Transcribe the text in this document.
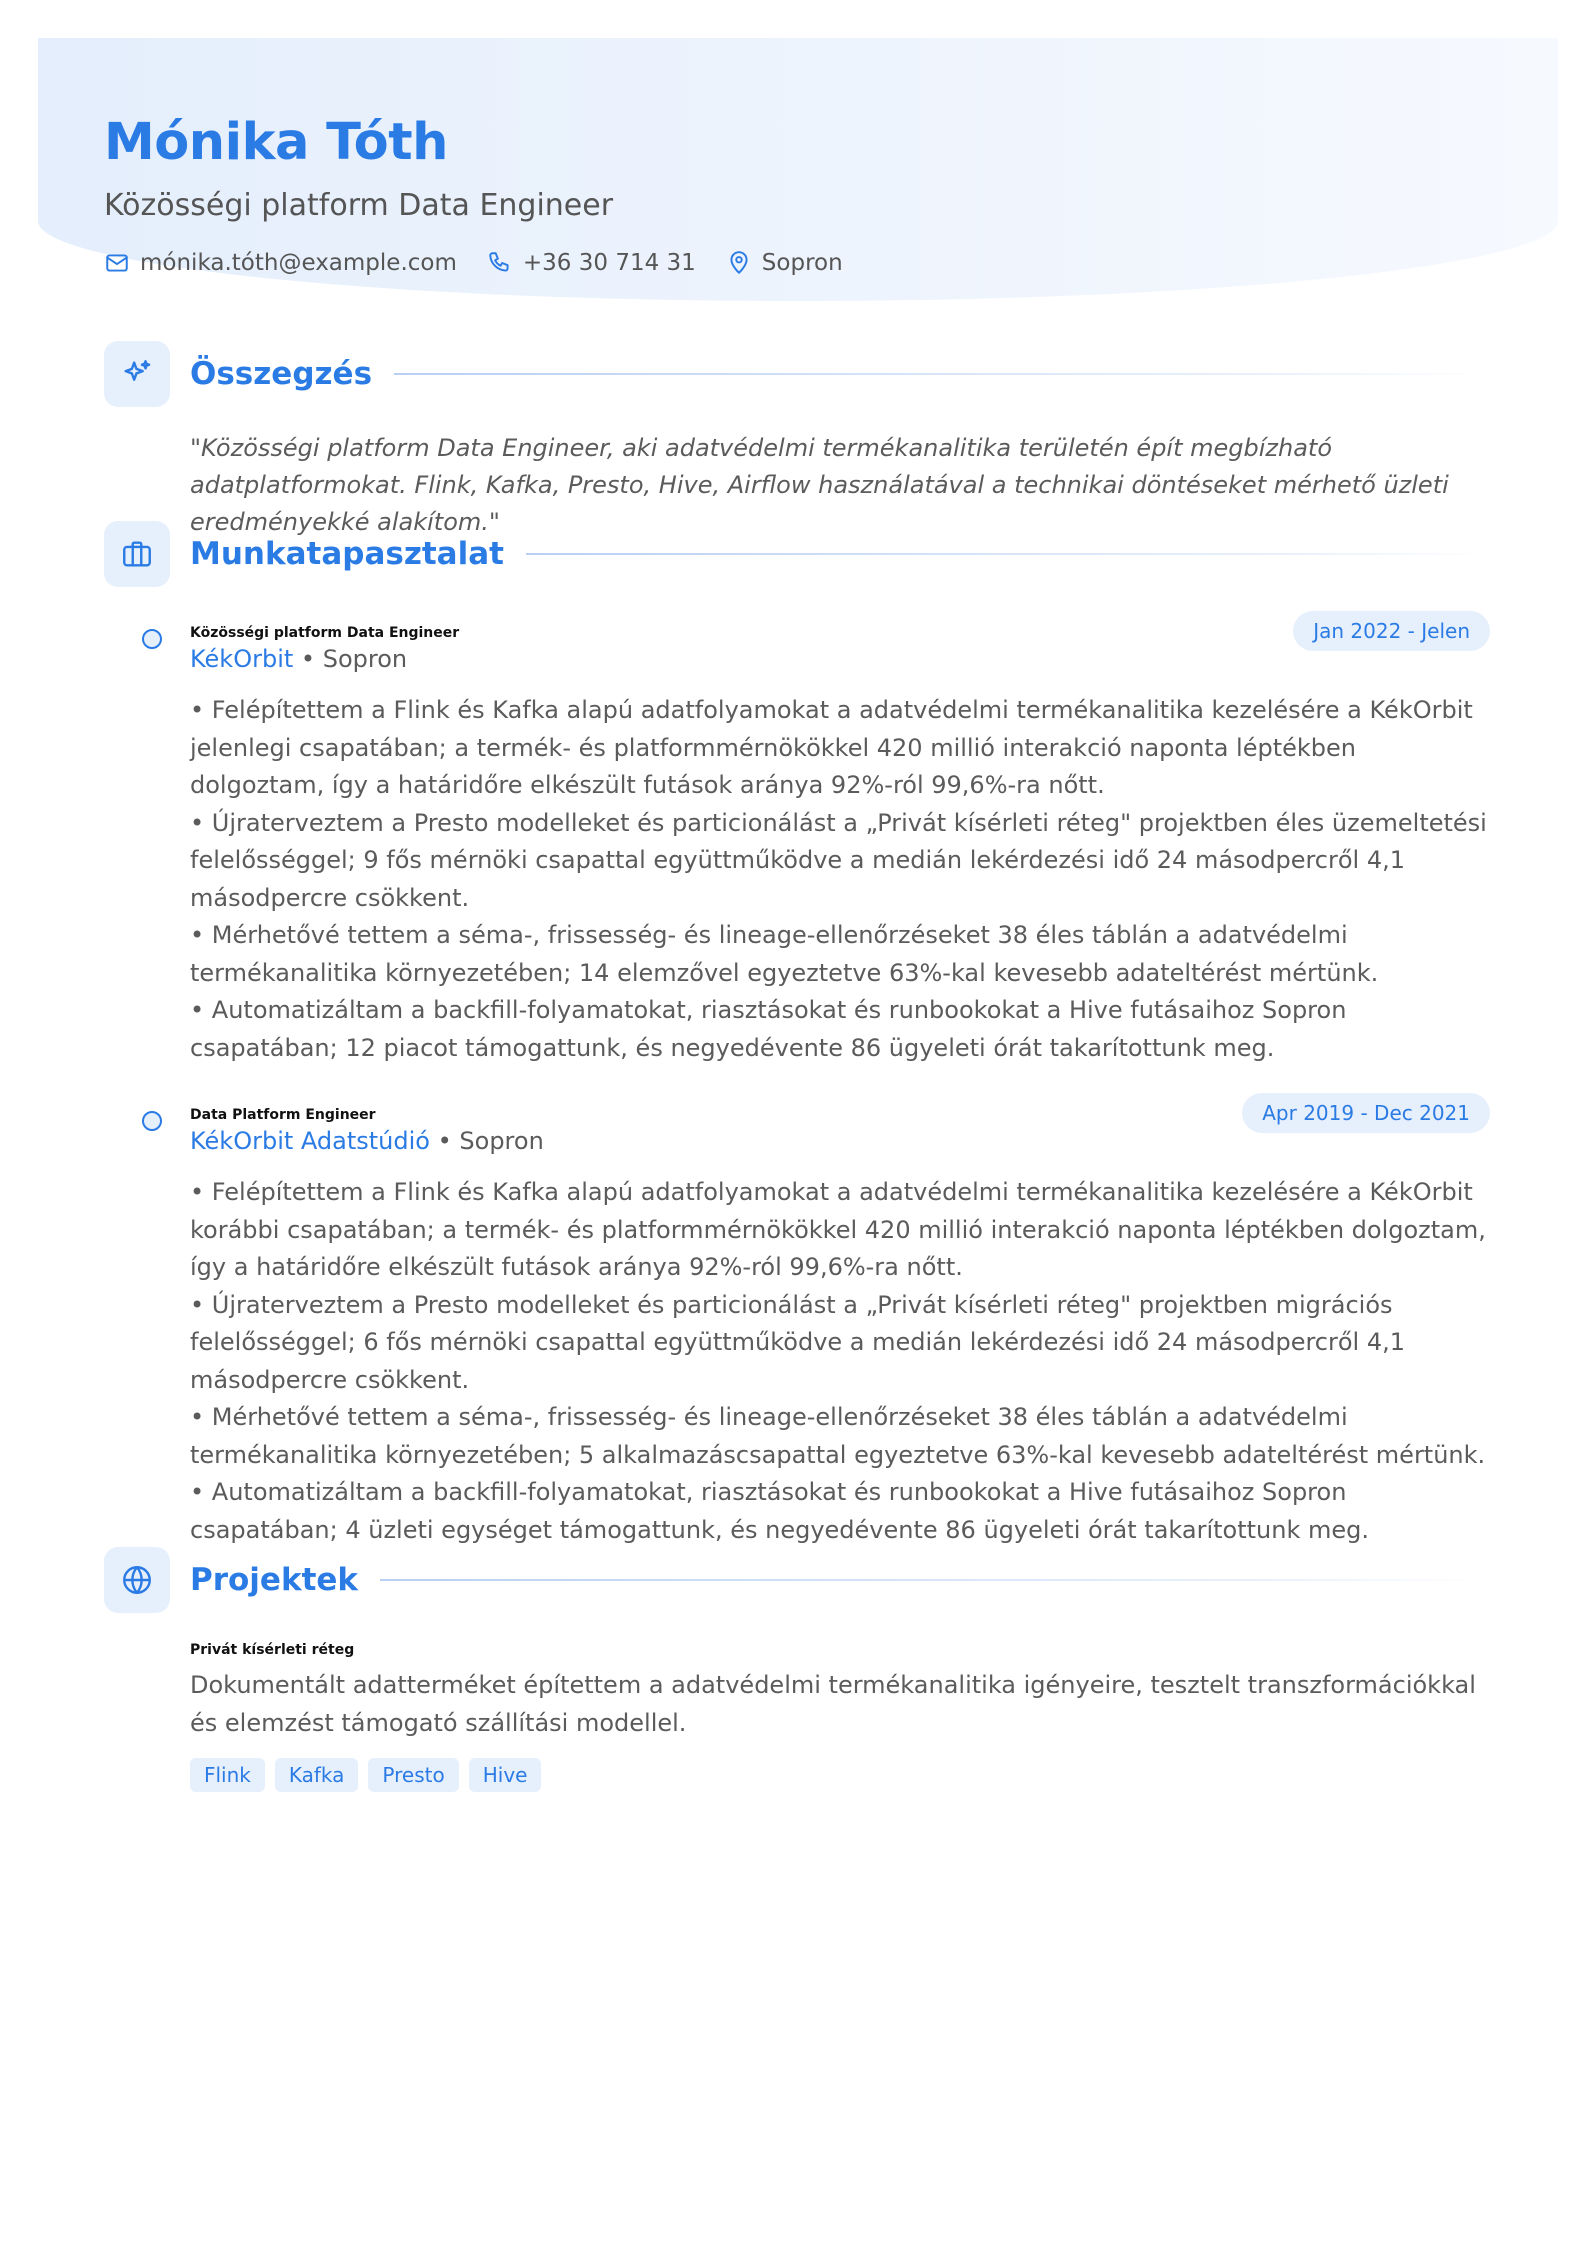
Mónika Tóth
Közösségi platform Data Engineer
mónika.tóth@example.com	+36 30 714 31	Sopron
Összegzés

"Közösségi platform Data Engineer, aki adatvédelmi termékanalitika területén épít megbízható adatplatformokat. Flink, Kafka, Presto, Hive, Airflow használatával a technikai döntéseket mérhető üzleti eredményekké alakítom."

Munkatapasztalat
Közösségi platform Data Engineer
KékOrbit • Sopron
Jan 2022 - Jelen
• Felépítettem a Flink és Kafka alapú adatfolyamokat a adatvédelmi termékanalitika kezelésére a KékOrbit jelenlegi csapatában; a termék- és platformmérnökökkel 420 millió interakció naponta léptékben dolgoztam, így a határidőre elkészült futások aránya 92%-ról 99,6%-ra nőtt.
• Újraterveztem a Presto modelleket és particionálást a „Privát kísérleti réteg" projektben éles üzemeltetési felelősséggel; 9 fős mérnöki csapattal együttműködve a medián lekérdezési idő 24 másodpercről 4,1 másodpercre csökkent.
• Mérhetővé tettem a séma-, frissesség- és lineage-ellenőrzéseket 38 éles táblán a adatvédelmi termékanalitika környezetében; 14 elemzővel egyeztetve 63%-kal kevesebb adateltérést mértünk.
• Automatizáltam a backfill-folyamatokat, riasztásokat és runbookokat a Hive futásaihoz Sopron csapatában; 12 piacot támogattunk, és negyedévente 86 ügyeleti órát takarítottunk meg.
Data Platform Engineer
KékOrbit Adatstúdió • Sopron
Apr 2019 - Dec 2021
• Felépítettem a Flink és Kafka alapú adatfolyamokat a adatvédelmi termékanalitika kezelésére a KékOrbit korábbi csapatában; a termék- és platformmérnökökkel 420 millió interakció naponta léptékben dolgoztam, így a határidőre elkészült futások aránya 92%-ról 99,6%-ra nőtt.
• Újraterveztem a Presto modelleket és particionálást a „Privát kísérleti réteg" projektben migrációs felelősséggel; 6 fős mérnöki csapattal együttműködve a medián lekérdezési idő 24 másodpercről 4,1 másodpercre csökkent.
• Mérhetővé tettem a séma-, frissesség- és lineage-ellenőrzéseket 38 éles táblán a adatvédelmi termékanalitika környezetében; 5 alkalmazáscsapattal egyeztetve 63%-kal kevesebb adateltérést mértünk.
• Automatizáltam a backfill-folyamatokat, riasztásokat és runbookokat a Hive futásaihoz Sopron csapatában; 4 üzleti egységet támogattunk, és negyedévente 86 ügyeleti órát takarítottunk meg.
Projektek
Privát kísérleti réteg

Dokumentált adatterméket építettem a adatvédelmi termékanalitika igényeire, tesztelt transzformációkkal és elemzést támogató szállítási modellel.

Flink	Kafka	Presto	Hive
